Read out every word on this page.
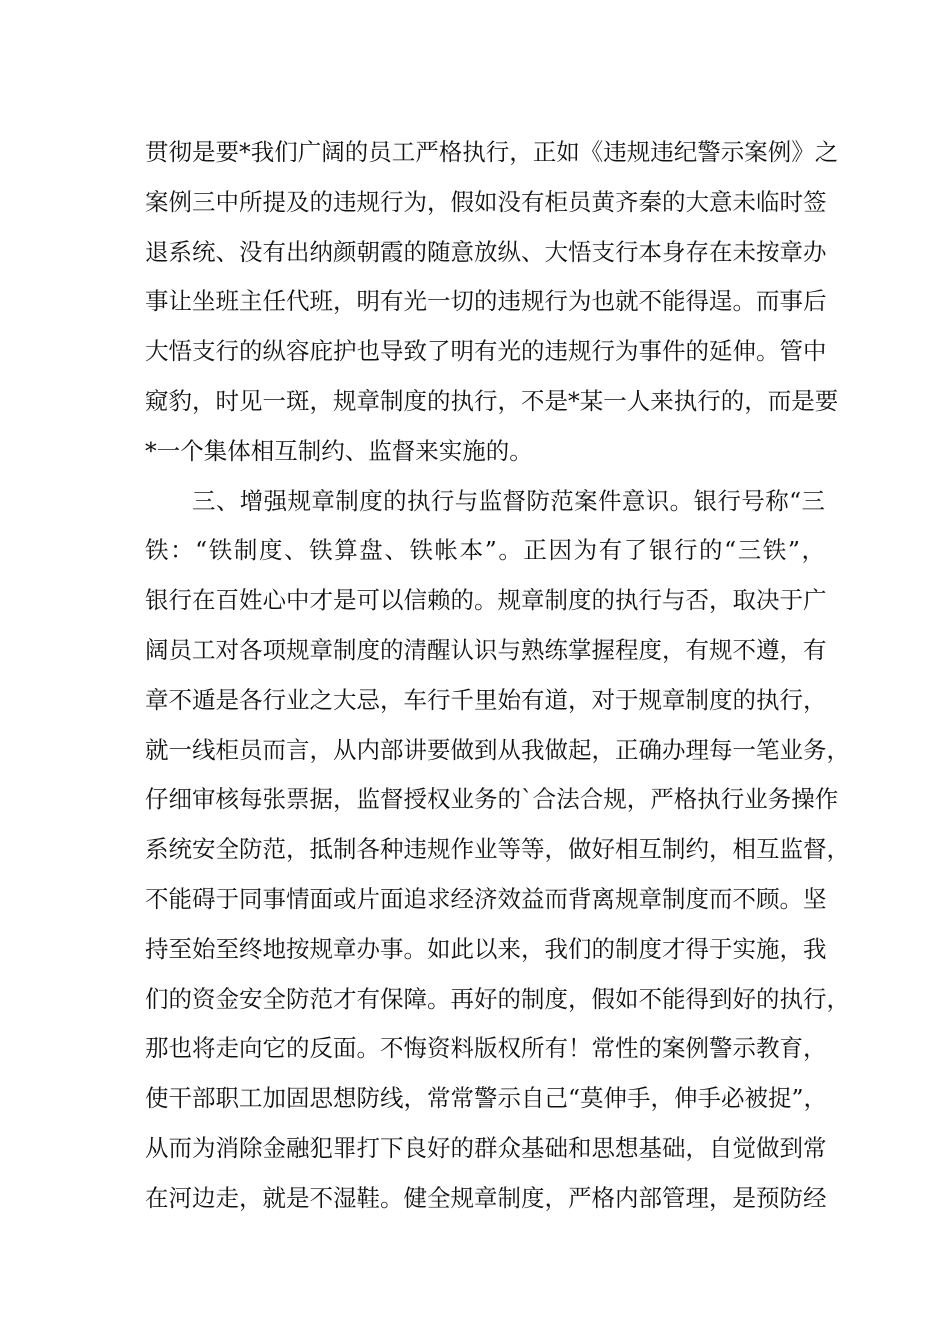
贯彻是要*我们广阔的员工严格执行，正如《违规违纪警示案例》之
案例三中所提及的违规行为，假如没有柜员黄齐秦的大意未临时签
退系统、没有出纳颜朝霞的随意放纵、大悟支行本身存在未按章办
事让坐班主任代班，明有光一切的违规行为也就不能得逞。而事后
大悟支行的纵容庇护也导致了明有光的违规行为事件的延伸。管中
窥豹，时见一斑，规章制度的执行，不是*某一人来执行的，而是要
*一个集体相互制约、监督来实施的。
三、增强规章制度的执行与监督防范案件意识。银行号称“三
铁：“铁制度、铁算盘、铁帐本”。正因为有了银行的“三铁”，
银行在百姓心中才是可以信赖的。规章制度的执行与否，取决于广
阔员工对各项规章制度的清醒认识与熟练掌握程度，有规不遵，有
章不遁是各行业之大忌，车行千里始有道，对于规章制度的执行，
就一线柜员而言，从内部讲要做到从我做起，正确办理每一笔业务，
仔细审核每张票据，监督授权业务的`合法合规，严格执行业务操作
系统安全防范，抵制各种违规作业等等，做好相互制约，相互监督，
不能碍于同事情面或片面追求经济效益而背离规章制度而不顾。坚
持至始至终地按规章办事。如此以来，我们的制度才得于实施，我
们的资金安全防范才有保障。再好的制度，假如不能得到好的执行，
那也将走向它的反面。不悔资料版权所有！常性的案例警示教育，
使干部职工加固思想防线，常常警示自己“莫伸手，伸手必被捉”，
从而为消除金融犯罪打下良好的群众基础和思想基础，自觉做到常
在河边走，就是不湿鞋。健全规章制度，严格内部管理，是预防经
